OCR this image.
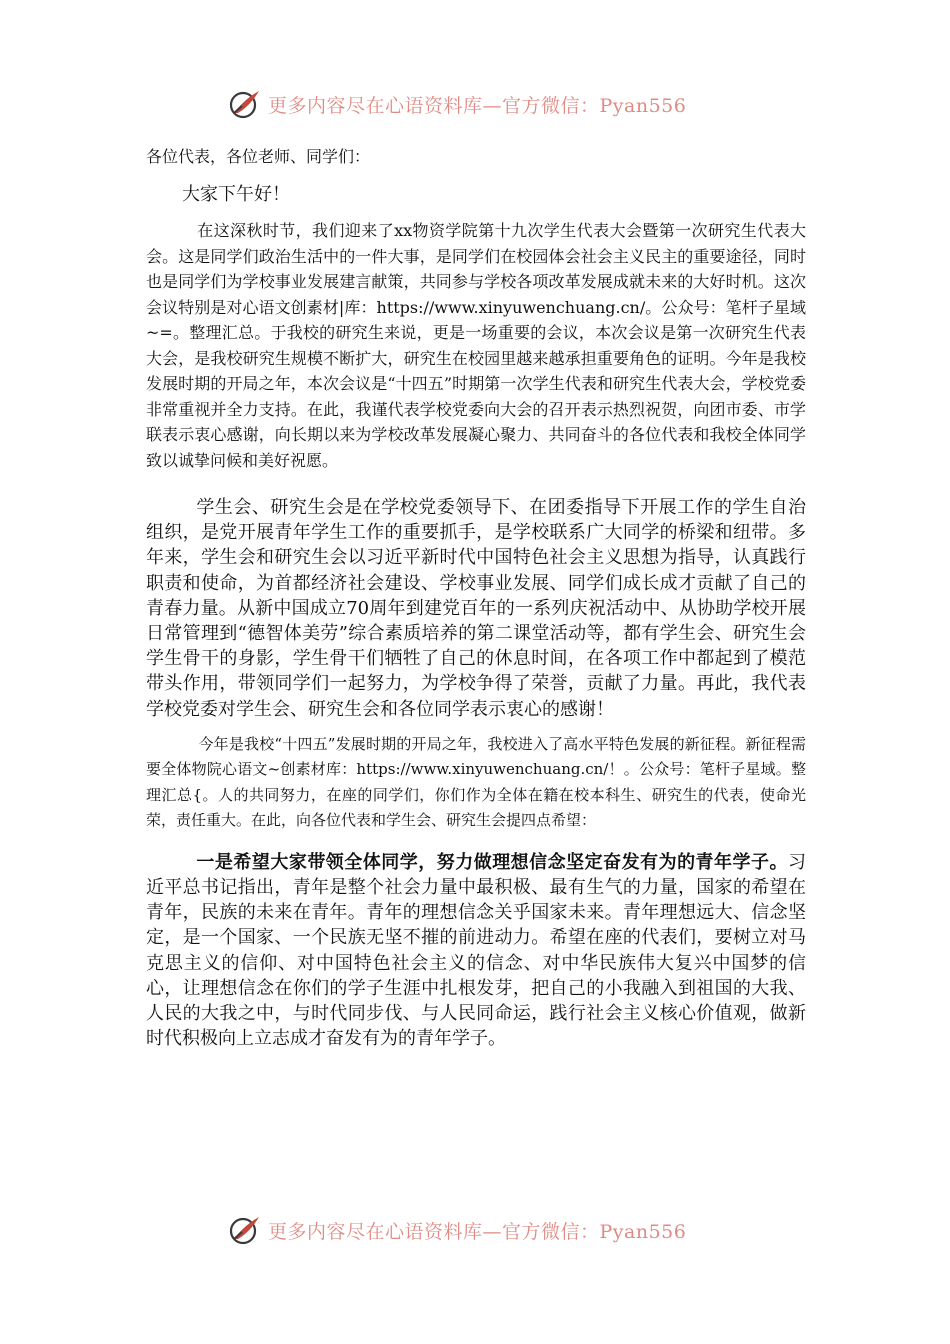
更多内容尽在心语资料库—官方微信：Pyan556

各位代表，各位老师、同学们：

大家下午好！

在这深秋时节，我们迎来了xx物资学院第十九次学生代表大会暨第一次研究生代表大会。这是同学们政治生活中的一件大事，是同学们在校园体会社会主义民主的重要途径，同时也是同学们为学校事业发展建言献策，共同参与学校各项改革发展成就未来的大好时机。这次会议特别是对心语文创素材|库：https://www.xinyuwenchuang.cn/。公众号：笔杆子星域~=。整理汇总。于我校的研究生来说，更是一场重要的会议，本次会议是第一次研究生代表大会，是我校研究生规模不断扩大，研究生在校园里越来越承担重要角色的证明。今年是我校发展时期的开局之年，本次会议是“十四五”时期第一次学生代表和研究生代表大会，学校党委非常重视并全力支持。在此，我谨代表学校党委向大会的召开表示热烈祝贺，向团市委、市学联表示衷心感谢，向长期以来为学校改革发展凝心聚力、共同奋斗的各位代表和我校全体同学致以诚挚问候和美好祝愿。

学生会、研究生会是在学校党委领导下、在团委指导下开展工作的学生自治组织，是党开展青年学生工作的重要抓手，是学校联系广大同学的桥梁和纽带。多年来，学生会和研究生会以习近平新时代中国特色社会主义思想为指导，认真践行职责和使命，为首都经济社会建设、学校事业发展、同学们成长成才贡献了自己的青春力量。从新中国成立70周年到建党百年的一系列庆祝活动中、从协助学校开展日常管理到“德智体美劳”综合素质培养的第二课堂活动等，都有学生会、研究生会学生骨干的身影，学生骨干们牺牲了自己的休息时间，在各项工作中都起到了模范带头作用，带领同学们一起努力，为学校争得了荣誉，贡献了力量。再此，我代表学校党委对学生会、研究生会和各位同学表示衷心的感谢！

今年是我校“十四五”发展时期的开局之年，我校进入了高水平特色发展的新征程。新征程需要全体物院心语文~创素材库：https://www.xinyuwenchuang.cn/！。公众号：笔杆子星域。整理汇总{。人的共同努力，在座的同学们，你们作为全体在籍在校本科生、研究生的代表，使命光荣，责任重大。在此，向各位代表和学生会、研究生会提四点希望：

一是希望大家带领全体同学，努力做理想信念坚定奋发有为的青年学子。习近平总书记指出，青年是整个社会力量中最积极、最有生气的力量，国家的希望在青年，民族的未来在青年。青年的理想信念关乎国家未来。青年理想远大、信念坚定，是一个国家、一个民族无坚不摧的前进动力。希望在座的代表们，要树立对马克思主义的信仰、对中国特色社会主义的信念、对中华民族伟大复兴中国梦的信心，让理想信念在你们的学子生涯中扎根发芽，把自己的小我融入到祖国的大我、人民的大我之中，与时代同步伐、与人民同命运，践行社会主义核心价值观，做新时代积极向上立志成才奋发有为的青年学子。

更多内容尽在心语资料库—官方微信：Pyan556
